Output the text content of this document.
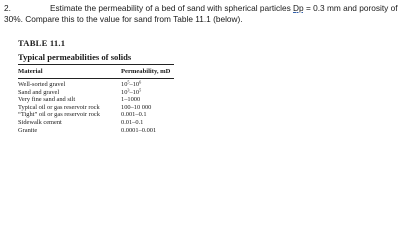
2.	Estimate the permeability of a bed of sand with spherical particles Dp = 0.3 mm and porosity of
30%. Compare this to the value for sand from Table 11.1 (below).
TABLE 11.1
Typical permeabilities of solids
Material	Permeability, mD
Well-sorted gravel	$10^5-10^6$
Sand and gravel	$10^3-10^5$
Very fine sand and silt	1–1000
Typical oil or gas reservoir rock	100–10 000
“Tight” oil or gas reservoir rock	0.001–0.1
Sidewalk cement	0.01–0.1
Granite	0.0001–0.001
